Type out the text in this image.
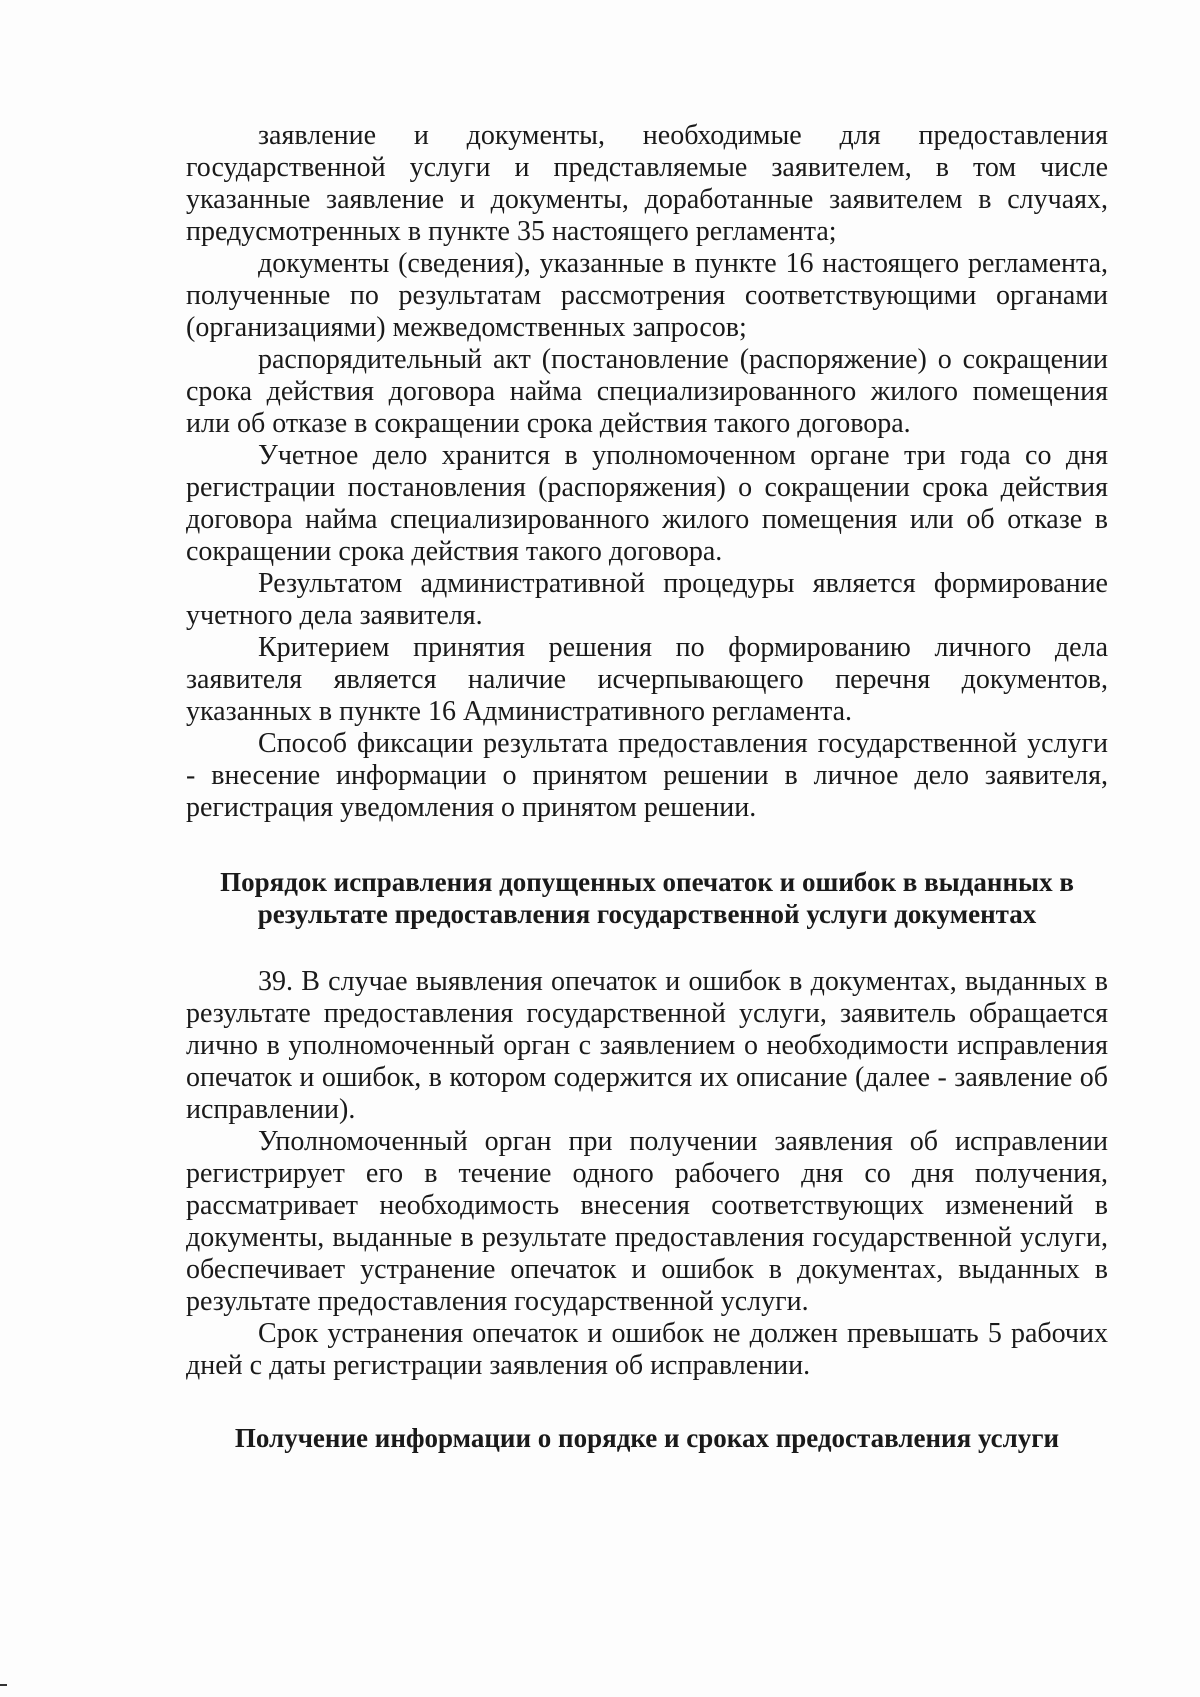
заявление и документы, необходимые для предоставления государственной услуги и представляемые заявителем, в том числе указанные заявление и документы, доработанные заявителем в случаях, предусмотренных в пункте 35 настоящего регламента;

документы (сведения), указанные в пункте 16 настоящего регламента, полученные по результатам рассмотрения соответствующими органами (организациями) межведомственных запросов;

распорядительный акт (постановление (распоряжение) о сокращении срока действия договора найма специализированного жилого помещения или об отказе в сокращении срока действия такого договора.

Учетное дело хранится в уполномоченном органе три года со дня регистрации постановления (распоряжения) о сокращении срока действия договора найма специализированного жилого помещения или об отказе в сокращении срока действия такого договора.

Результатом административной процедуры является формирование учетного дела заявителя.

Критерием принятия решения по формированию личного дела заявителя является наличие исчерпывающего перечня документов, указанных в пункте 16 Административного регламента.

Способ фиксации результата предоставления государственной услуги - внесение информации о принятом решении в личное дело заявителя, регистрация уведомления о принятом решении.

Порядок исправления допущенных опечаток и ошибок в выданных в результате предоставления государственной услуги документах

39. В случае выявления опечаток и ошибок в документах, выданных в результате предоставления государственной услуги, заявитель обращается лично в уполномоченный орган с заявлением о необходимости исправления опечаток и ошибок, в котором содержится их описание (далее - заявление об исправлении).

Уполномоченный орган при получении заявления об исправлении регистрирует его в течение одного рабочего дня со дня получения, рассматривает необходимость внесения соответствующих изменений в документы, выданные в результате предоставления государственной услуги, обеспечивает устранение опечаток и ошибок в документах, выданных в результате предоставления государственной услуги.

Срок устранения опечаток и ошибок не должен превышать 5 рабочих дней с даты регистрации заявления об исправлении.

Получение информации о порядке и сроках предоставления услуги
